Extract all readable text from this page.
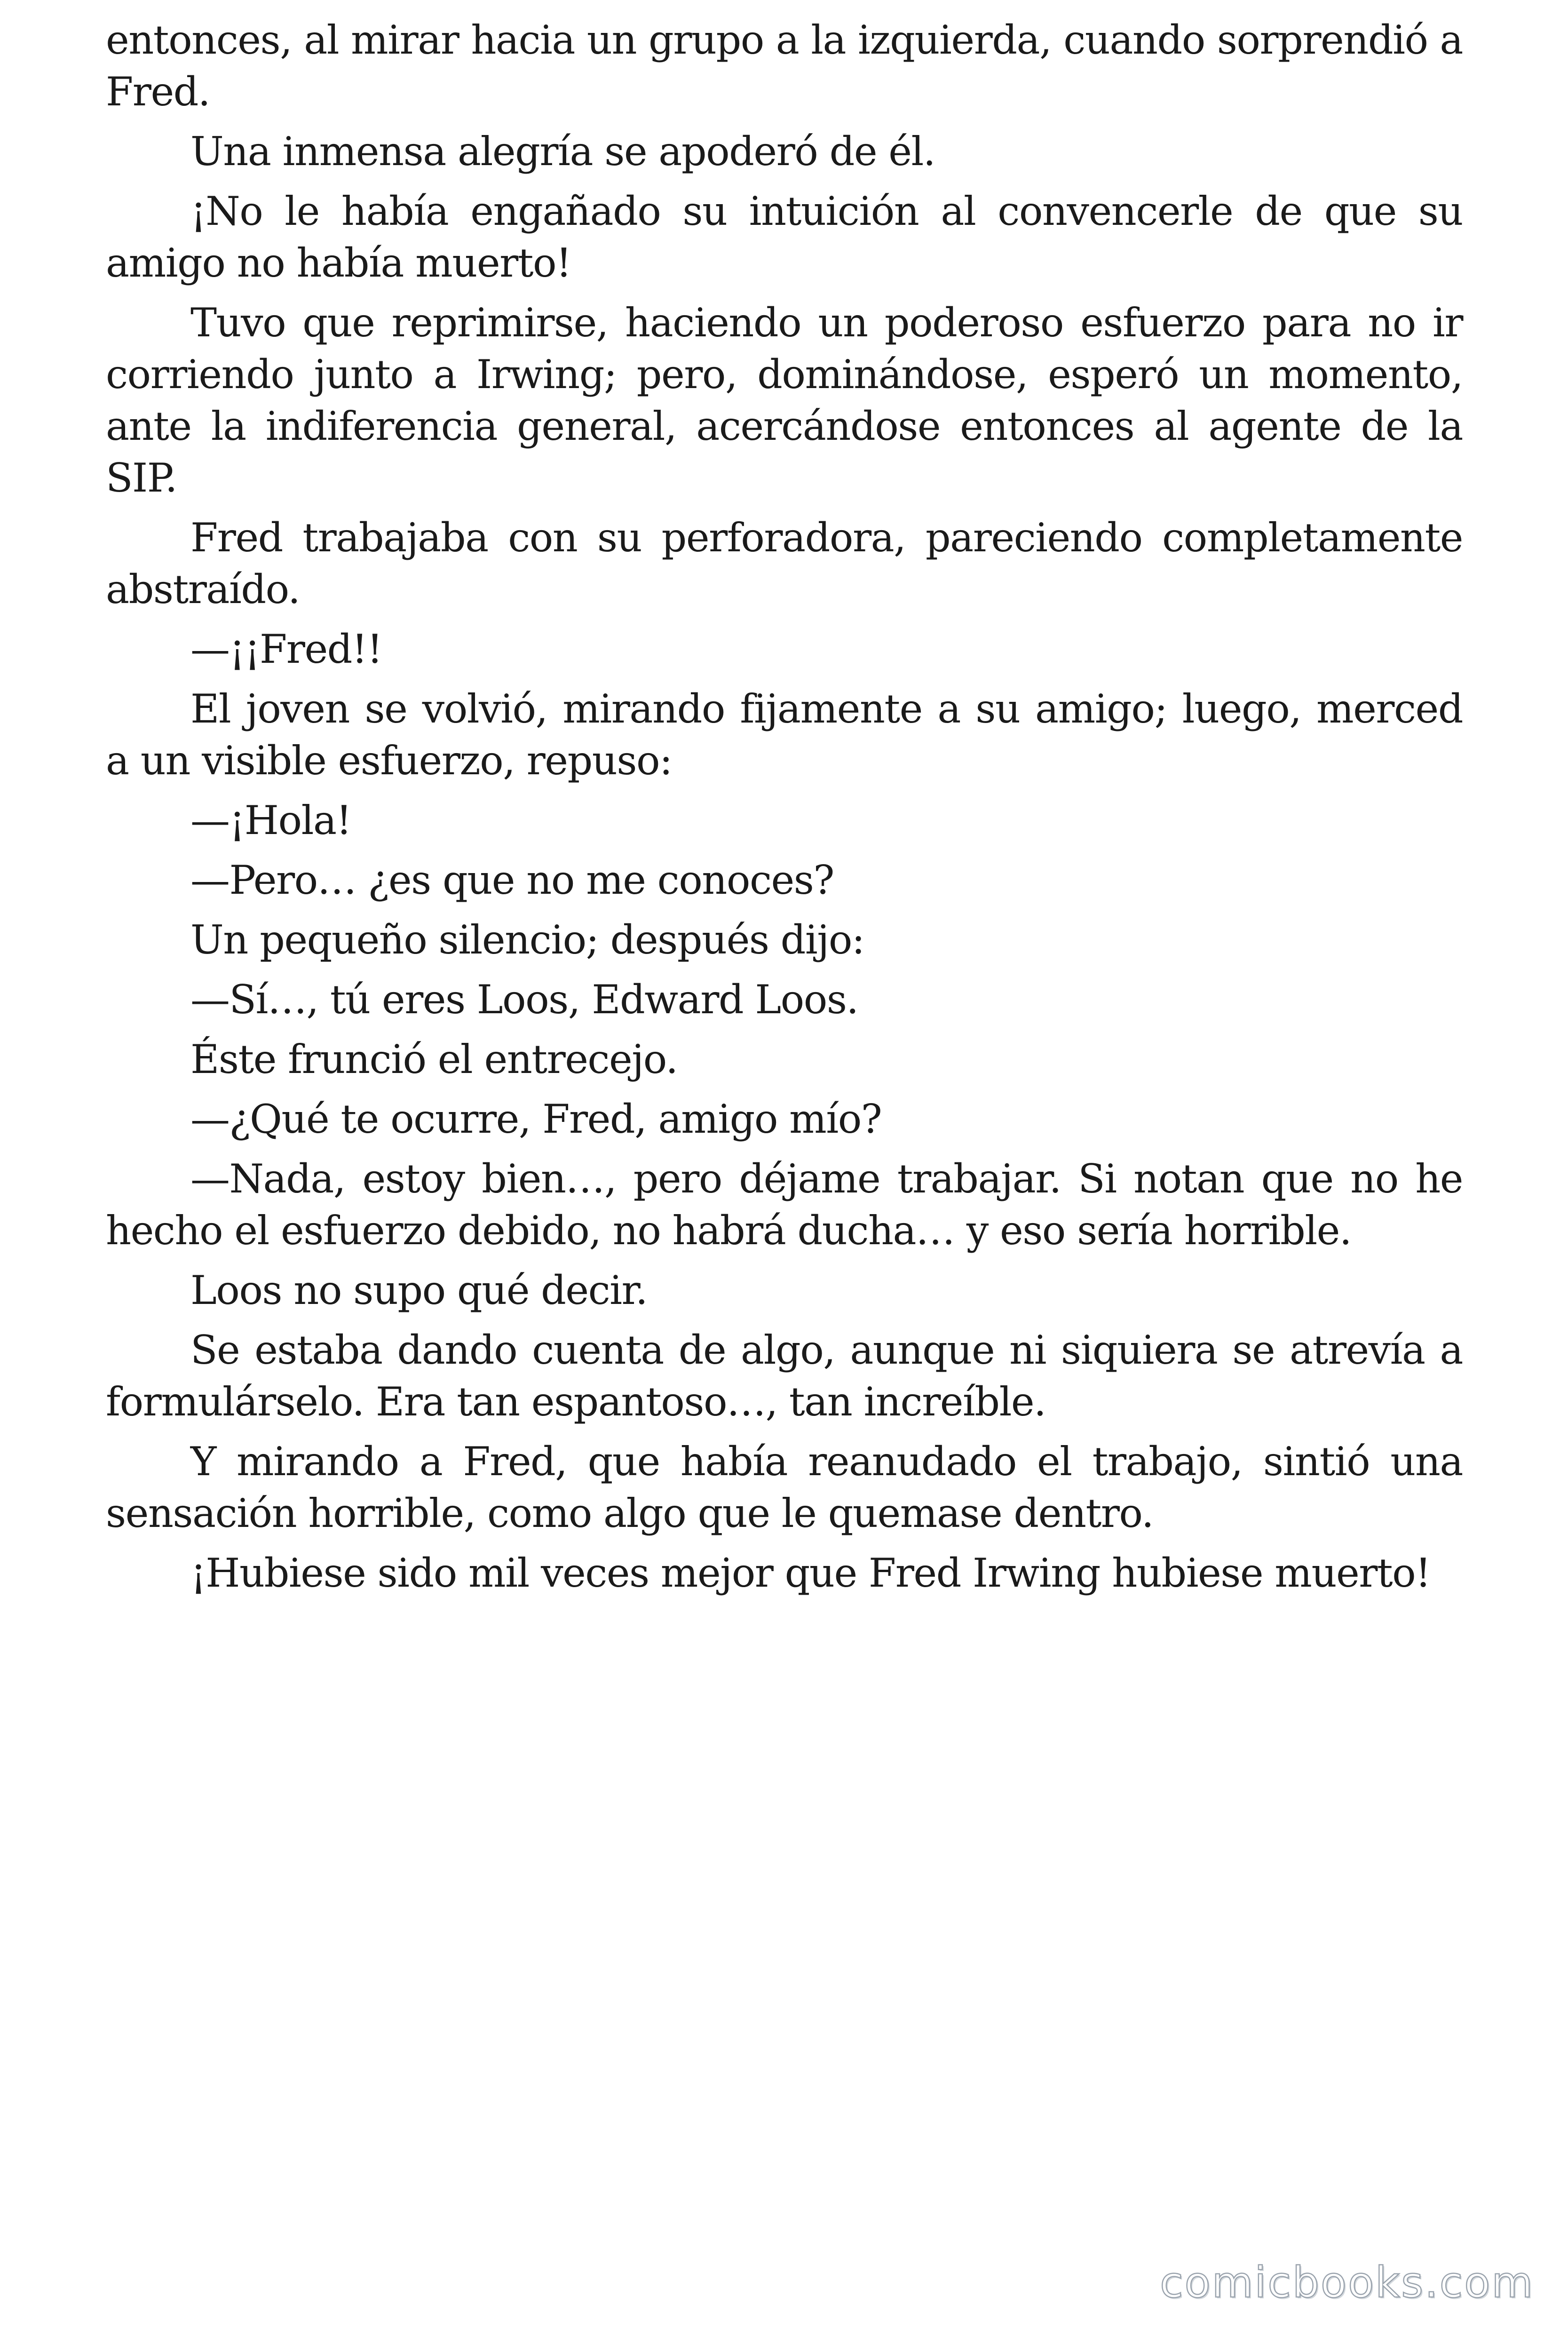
entonces, al mirar hacia un grupo a la izquierda, cuando sorprendió a Fred.

Una inmensa alegría se apoderó de él.

¡No le había engañado su intuición al convencerle de que su amigo no había muerto!

Tuvo que reprimirse, haciendo un poderoso esfuerzo para no ir corriendo junto a Irwing; pero, dominándose, esperó un momento, ante la indiferencia general, acercándose entonces al agente de la SIP.

Fred trabajaba con su perforadora, pareciendo completamente abstraído.

—¡¡Fred!!

El joven se volvió, mirando fijamente a su amigo; luego, merced a un visible esfuerzo, repuso:

—¡Hola!

—Pero… ¿es que no me conoces?

Un pequeño silencio; después dijo:

—Sí…, tú eres Loos, Edward Loos.

Éste frunció el entrecejo.

—¿Qué te ocurre, Fred, amigo mío?

—Nada, estoy bien…, pero déjame trabajar. Si notan que no he hecho el esfuerzo debido, no habrá ducha… y eso sería horrible.

Loos no supo qué decir.

Se estaba dando cuenta de algo, aunque ni siquiera se atrevía a formulárselo. Era tan espantoso…, tan increíble.

Y mirando a Fred, que había reanudado el trabajo, sintió una sensación horrible, como algo que le quemase dentro.

¡Hubiese sido mil veces mejor que Fred Irwing hubiese muerto!

comicbooks.com
